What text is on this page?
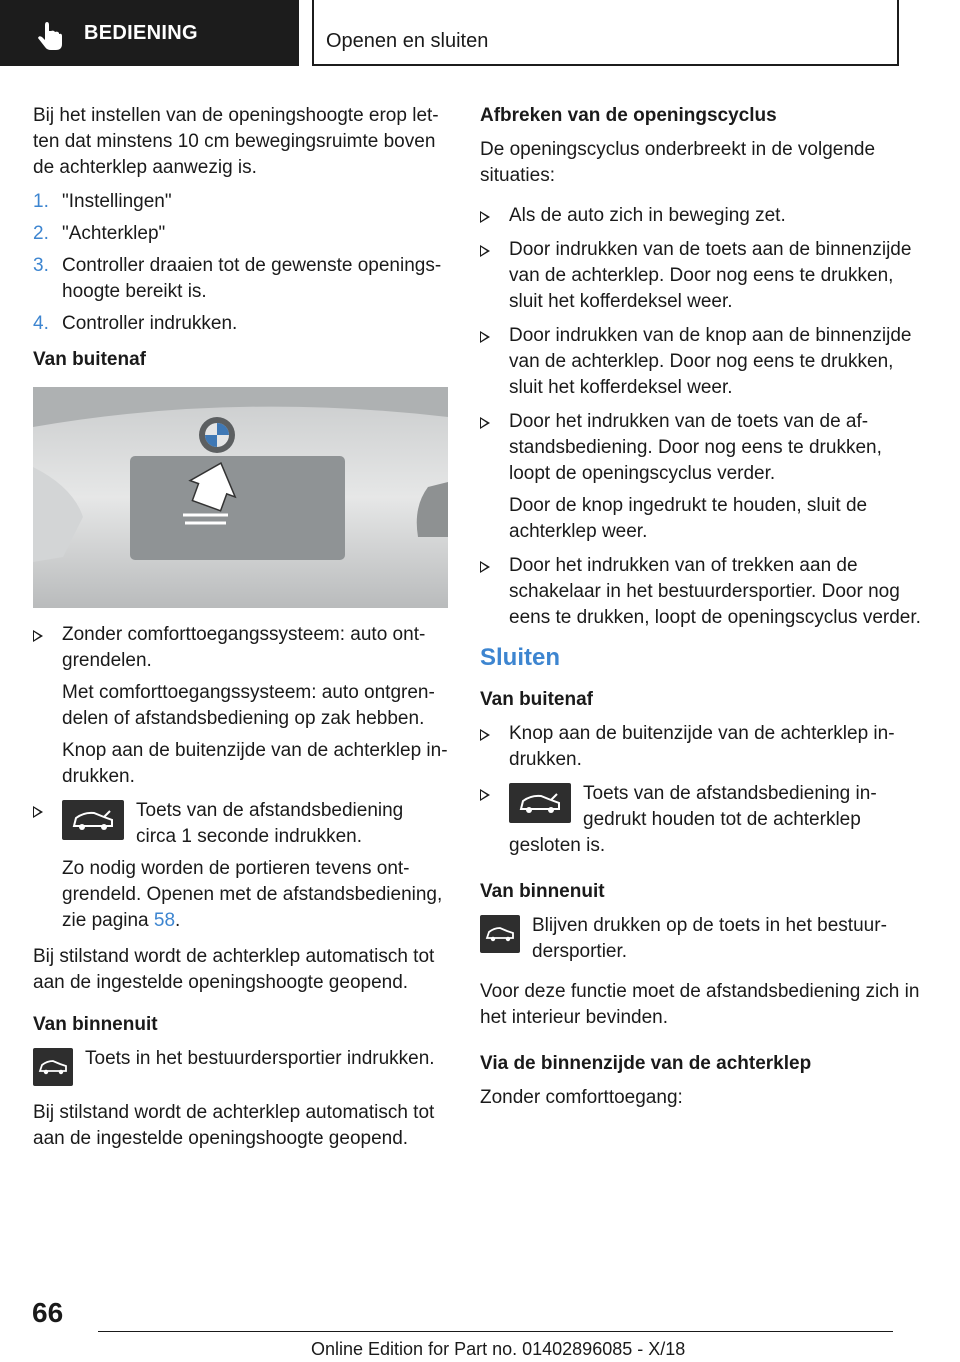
BEDIENING	Openen en sluiten

Bij het instellen van de openingshoogte erop letten dat minstens 10 cm bewegingsruimte boven de achterklep aanwezig is.

1. "Instellingen"
2. "Achterklep"
3. Controller draaien tot de gewenste openingshoogte bereikt is.
4. Controller indrukken.

Van buitenaf

Zonder comforttoegangssysteem: auto ontgrendelen.

Met comforttoegangssysteem: auto ontgrendelen of afstandsbediening op zak hebben.

Knop aan de buitenzijde van de achterklep indrukken.

Toets van de afstandsbediening circa 1 seconde indrukken.

Zo nodig worden de portieren tevens ontgrendeld. Openen met de afstandsbediening, zie pagina 58.

Bij stilstand wordt de achterklep automatisch tot aan de ingestelde openingshoogte geopend.

Van binnenuit

Toets in het bestuurdersportier indrukken.

Bij stilstand wordt de achterklep automatisch tot aan de ingestelde openingshoogte geopend.

Afbreken van de openingscyclus

De openingscyclus onderbreekt in de volgende situaties:

Als de auto zich in beweging zet.

Door indrukken van de toets aan de binnenzijde van de achterklep. Door nog eens te drukken, sluit het kofferdeksel weer.

Door indrukken van de knop aan de binnenzijde van de achterklep. Door nog eens te drukken, sluit het kofferdeksel weer.

Door het indrukken van de toets van de afstandsbediening. Door nog eens te drukken, loopt de openingscyclus verder.

Door de knop ingedrukt te houden, sluit de achterklep weer.

Door het indrukken van of trekken aan de schakelaar in het bestuurdersportier. Door nog eens te drukken, loopt de openingscyclus verder.

Sluiten

Van buitenaf

Knop aan de buitenzijde van de achterklep indrukken.

Toets van de afstandsbediening ingedrukt houden tot de achterklep gesloten is.

Van binnenuit

Blijven drukken op de toets in het bestuurdersportier.

Voor deze functie moet de afstandsbediening zich in het interieur bevinden.

Via de binnenzijde van de achterklep

Zonder comforttoegang:

66
Online Edition for Part no. 01402896085 - X/18
